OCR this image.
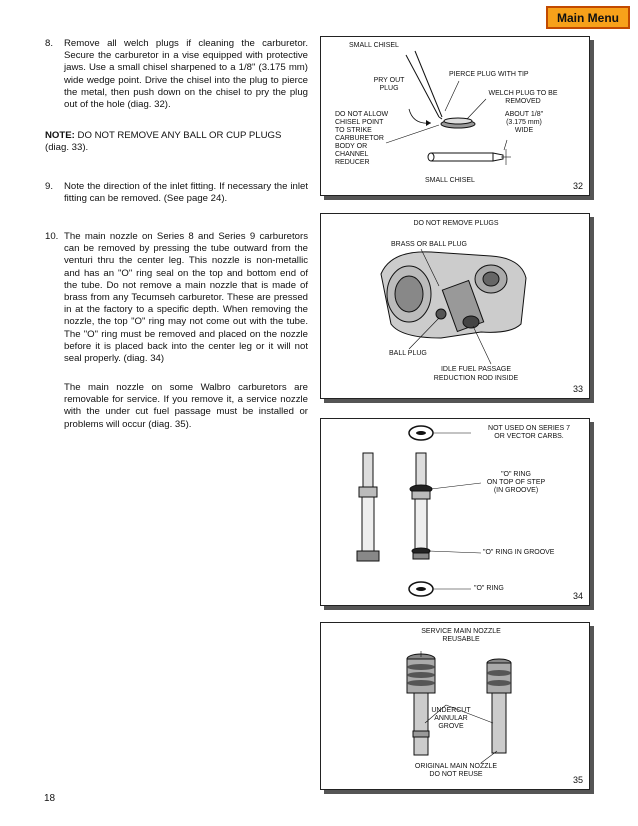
Main Menu
8. Remove all welch plugs if cleaning the carburetor. Secure the carburetor in a vise equipped with protective jaws. Use a small chisel sharpened to a 1/8" (3.175 mm) wide wedge point. Drive the chisel into the plug to pierce the metal, then push down on the chisel to pry the plug out of the hole (diag. 32).
NOTE: DO NOT REMOVE ANY BALL OR CUP PLUGS (diag. 33).
9. Note the direction of the inlet fitting. If necessary the inlet fitting can be removed. (See page 24).
10. The main nozzle on Series 8 and Series 9 carburetors can be removed by pressing the tube outward from the venturi thru the center leg. This nozzle is non-metallic and has an "O" ring seal on the top and bottom end of the tube. Do not remove a main nozzle that is made of brass from any Tecumseh carburetor. These are pressed in at the factory to a specific depth. When removing the nozzle, the top "O" ring may not come out with the tube. The "O" ring must be removed and placed on the nozzle before it is placed back into the center leg or it will not seal properly. (diag. 34)
The main nozzle on some Walbro carburetors are removable for service. If you remove it, a service nozzle with the under cut fuel passage must be installed or problems will occur (diag. 35).
18
SMALL CHISEL
PRY OUT
PLUG
PIERCE PLUG WITH TIP
WELCH PLUG TO BE
REMOVED
DO NOT ALLOW
CHISEL POINT
TO STRIKE
CARBURETOR
BODY OR
CHANNEL
REDUCER
ABOUT 1/8"
(3.175 mm)
WIDE
SMALL CHISEL
32
DO NOT REMOVE PLUGS
BRASS OR BALL PLUG
BALL PLUG
IDLE FUEL PASSAGE
REDUCTION ROD INSIDE
33
NOT USED ON SERIES 7
OR VECTOR CARBS.
"O" RING
ON TOP OF STEP
(IN GROOVE)
"O" RING IN GROOVE
"O" RING
34
SERVICE MAIN NOZZLE
REUSABLE
UNDERCUT
ANNULAR
GROVE
ORIGINAL MAIN NOZZLE
DO NOT REUSE
35
